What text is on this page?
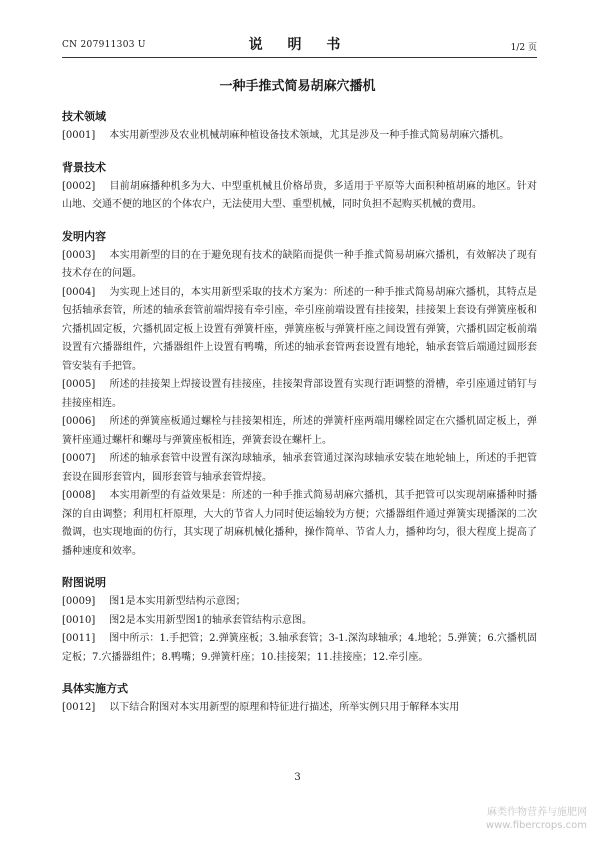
CN 207911303 U	说 明 书	1/2 页
一种手推式简易胡麻穴播机
技术领域

[0001] 本实用新型涉及农业机械胡麻种植设备技术领域，尤其是涉及一种手推式简易胡麻穴播机。

背景技术

[0002] 目前胡麻播种机多为大、中型重机械且价格昂贵，多适用于平原等大面积种植胡麻的地区。针对山地、交通不便的地区的个体农户，无法使用大型、重型机械，同时负担不起购买机械的费用。

发明内容

[0003] 本实用新型的目的在于避免现有技术的缺陷而提供一种手推式简易胡麻穴播机，有效解决了现有技术存在的问题。

[0004] 为实现上述目的，本实用新型采取的技术方案为：所述的一种手推式简易胡麻穴播机，其特点是包括轴承套管，所述的轴承套管前端焊接有牵引座，牵引座前端设置有挂接架，挂接架上套设有弹簧座板和穴播机固定板，穴播机固定板上设置有弹簧杆座，弹簧座板与弹簧杆座之间设置有弹簧，穴播机固定板前端设置有穴播器组件，穴播器组件上设置有鸭嘴，所述的轴承套管两套设置有地轮，轴承套管后端通过圆形套管安装有手把管。

[0005] 所述的挂接架上焊接设置有挂接座，挂接架背部设置有实现行距调整的滑槽，牵引座通过销钉与挂接座相连。

[0006] 所述的弹簧座板通过螺栓与挂接架相连，所述的弹簧杆座两端用螺栓固定在穴播机固定板上，弹簧杆座通过螺杆和螺母与弹簧座板相连，弹簧套设在螺杆上。

[0007] 所述的轴承套管中设置有深沟球轴承，轴承套管通过深沟球轴承安装在地轮轴上，所述的手把管套设在圆形套管内，圆形套管与轴承套管焊接。

[0008] 本实用新型的有益效果是：所述的一种手推式简易胡麻穴播机，其手把管可以实现胡麻播种时播深的自由调整；利用杠杆原理，大大的节省人力同时使运输较为方便；穴播器组件通过弹簧实现播深的二次微调，也实现地面的仿行，其实现了胡麻机械化播种，操作简单、节省人力，播种均匀，很大程度上提高了播种速度和效率。

附图说明

[0009] 图1是本实用新型结构示意图；

[0010] 图2是本实用新型图1的轴承套管结构示意图。

[0011] 图中所示：1.手把管；2.弹簧座板；3.轴承套管；3-1.深沟球轴承；4.地轮；5.弹簧；6.穴播机固定板；7.穴播器组件；8.鸭嘴；9.弹簧杆座；10.挂接架；11.挂接座；12.牵引座。

具体实施方式

[0012] 以下结合附图对本实用新型的原理和特征进行描述，所举实例只用于解释本实用

3
麻类作物营养与施肥网
www.fibercrops.com
